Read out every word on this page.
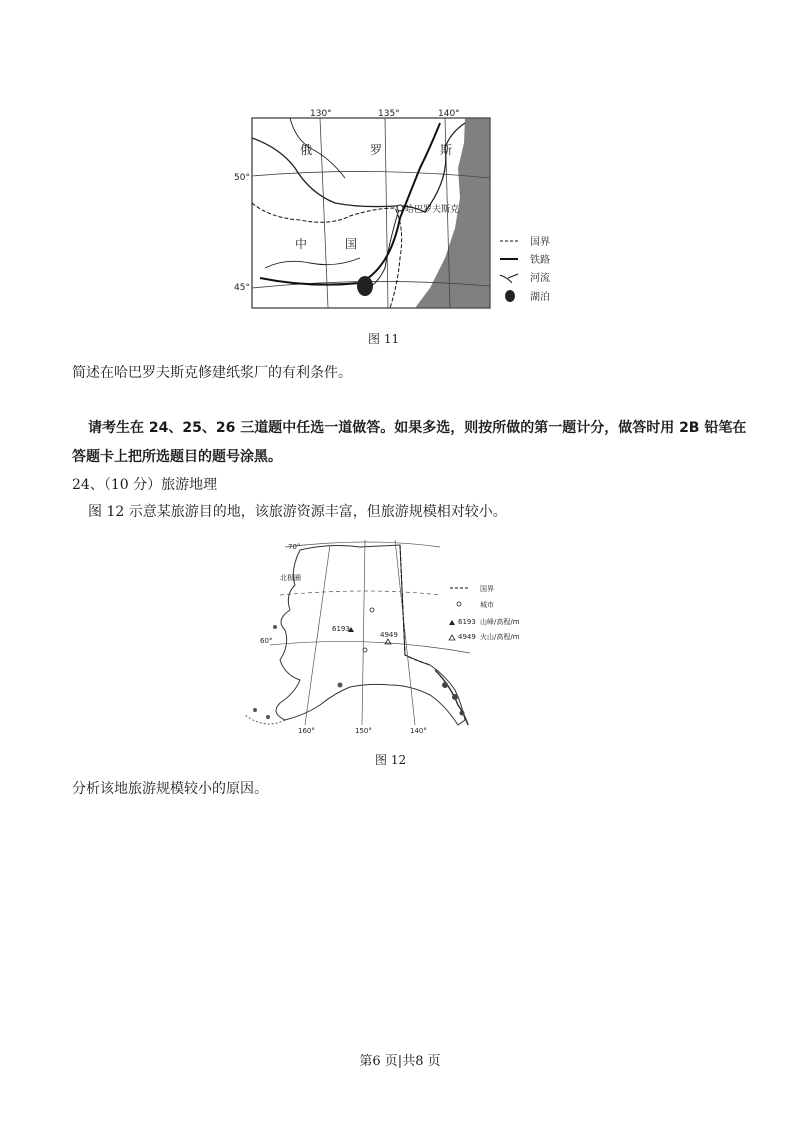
130°	135°	140°
50°
45°
俄	罗	斯
中	国
哈巴罗夫斯克
国界
铁路
河流
湖泊
图 11
简述在哈巴罗夫斯克修建纸浆厂的有利条件。
请考生在 24、25、26 三道题中任选一道做答。如果多选，则按所做的第一题计分，做答时用 2B 铅笔在
答题卡上把所选题目的题号涂黑。
24、（10 分）旅游地理
图 12 示意某旅游目的地，该旅游资源丰富，但旅游规模相对较小。
6193
4949
70°
60°
北极圈
160°	150°	140°
国界
城市
6193 山峰/高程/m
4949 火山/高程/m
图 12
分析该地旅游规模较小的原因。
第6 页|共8 页
